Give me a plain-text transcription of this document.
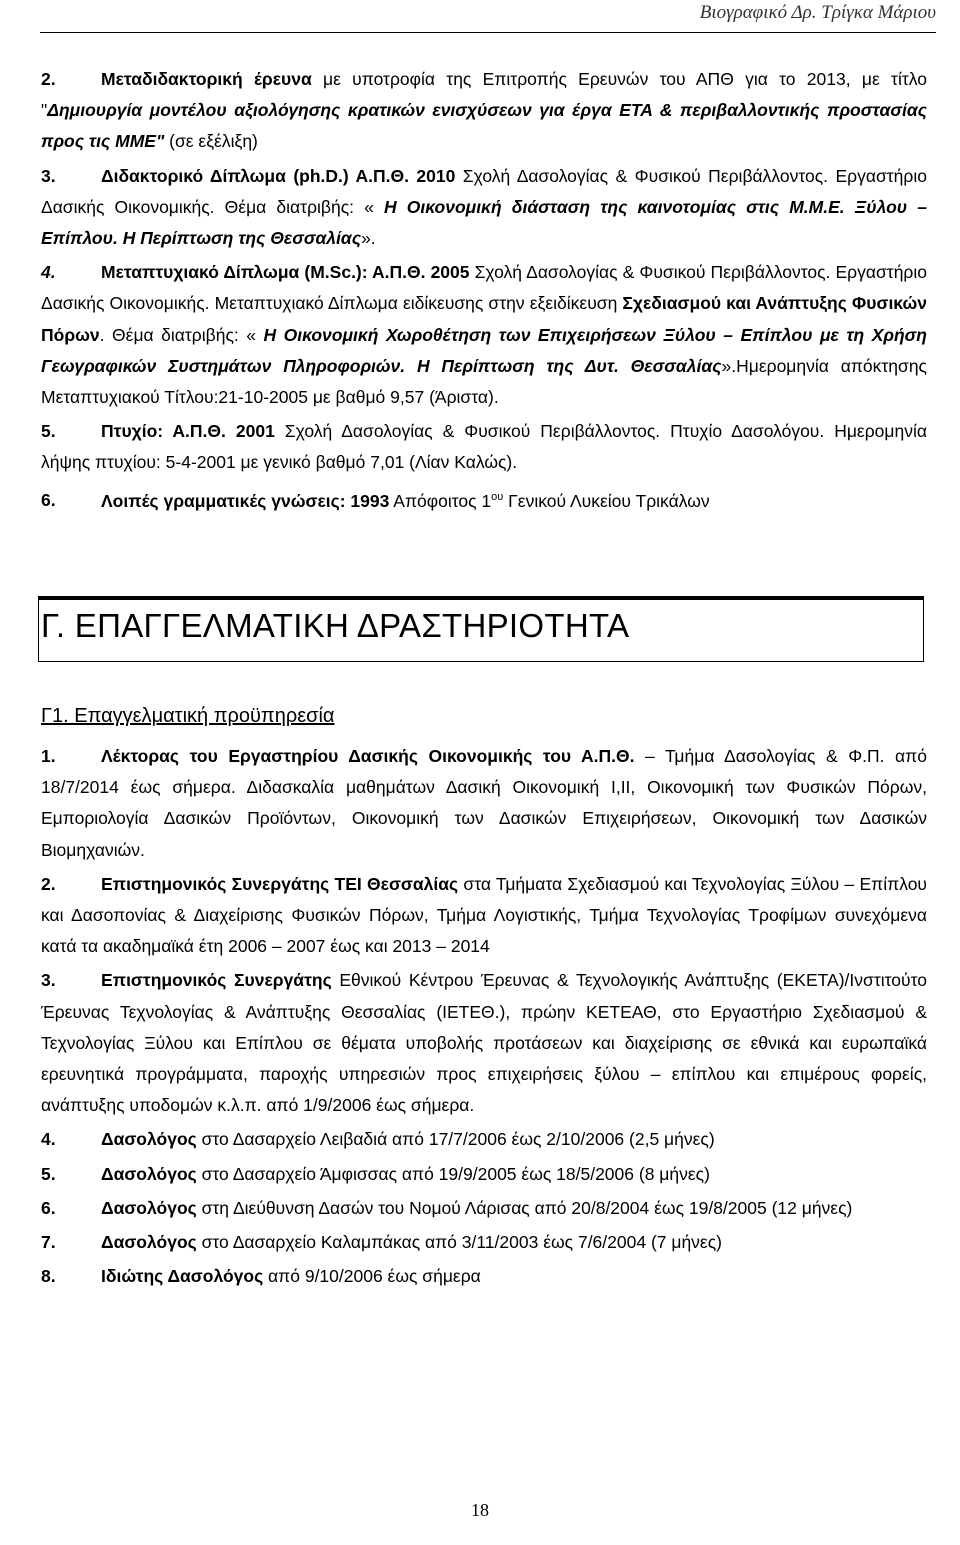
Βιογραφικό Δρ. Τρίγκα Μάριου

2.	Μεταδιδακτορική έρευνα με υποτροφία της Επιτροπής Ερευνών του ΑΠΘ για το 2013, με τίτλο "Δημιουργία μοντέλου αξιολόγησης κρατικών ενισχύσεων για έργα ΕΤΑ & περιβαλλοντικής προστασίας προς τις ΜΜΕ" (σε εξέλιξη)

3.	Διδακτορικό Δίπλωμα (ph.D.) Α.Π.Θ. 2010 Σχολή Δασολογίας & Φυσικού Περιβάλλοντος. Εργαστήριο Δασικής Οικονομικής. Θέμα διατριβής: « Η Οικονομική διάσταση της καινοτομίας στις Μ.Μ.Ε. Ξύλου – Επίπλου. Η Περίπτωση της Θεσσαλίας».

4.	Μεταπτυχιακό Δίπλωμα (M.Sc.): Α.Π.Θ. 2005 Σχολή Δασολογίας & Φυσικού Περιβάλλοντος. Εργαστήριο Δασικής Οικονομικής. Μεταπτυχιακό Δίπλωμα ειδίκευσης στην εξειδίκευση Σχεδιασμού και Ανάπτυξης Φυσικών Πόρων. Θέμα διατριβής: « Η Οικονομική Χωροθέτηση των Επιχειρήσεων Ξύλου – Επίπλου με τη Χρήση Γεωγραφικών Συστημάτων Πληροφοριών. Η Περίπτωση της Δυτ. Θεσσαλίας».Ημερομηνία απόκτησης Μεταπτυχιακού Τίτλου:21-10-2005 με βαθμό 9,57 (Άριστα).

5.	Πτυχίο: Α.Π.Θ. 2001 Σχολή Δασολογίας & Φυσικού Περιβάλλοντος. Πτυχίο Δασολόγου. Ημερομηνία λήψης πτυχίου: 5-4-2001 με γενικό βαθμό 7,01 (Λίαν Καλώς).

6.	Λοιπές γραμματικές γνώσεις: 1993 Απόφοιτος $1^{o\upsilon}$ Γενικού Λυκείου Τρικάλων

Γ. ΕΠΑΓΓΕΛΜΑΤΙΚΗ ΔΡΑΣΤΗΡΙΟΤΗΤΑ
Γ1. Επαγγελματική προϋπηρεσία

1.	Λέκτορας του Εργαστηρίου Δασικής Οικονομικής του Α.Π.Θ. – Τμήμα Δασολογίας & Φ.Π. από 18/7/2014 έως σήμερα. Διδασκαλία μαθημάτων Δασική Οικονομική Ι,ΙΙ, Οικονομική των Φυσικών Πόρων, Εμποριολογία Δασικών Προϊόντων, Οικονομική των Δασικών Επιχειρήσεων, Οικονομική των Δασικών Βιομηχανιών.

2.	Επιστημονικός Συνεργάτης ΤΕΙ Θεσσαλίας στα Τμήματα Σχεδιασμού και Τεχνολογίας Ξύλου – Επίπλου και Δασοπονίας & Διαχείρισης Φυσικών Πόρων, Τμήμα Λογιστικής, Τμήμα Τεχνολογίας Τροφίμων συνεχόμενα κατά τα ακαδημαϊκά έτη 2006 – 2007 έως και 2013 – 2014

3.	Επιστημονικός Συνεργάτης Εθνικού Κέντρου Έρευνας & Τεχνολογικής Ανάπτυξης (ΕΚΕΤΑ)/Ινστιτούτο Έρευνας Τεχνολογίας & Ανάπτυξης Θεσσαλίας (ΙΕΤΕΘ.), πρώην ΚΕΤΕΑΘ, στο Εργαστήριο Σχεδιασμού & Τεχνολογίας Ξύλου και Επίπλου σε θέματα υποβολής προτάσεων και διαχείρισης σε εθνικά και ευρωπαϊκά ερευνητικά προγράμματα, παροχής υπηρεσιών προς επιχειρήσεις ξύλου – επίπλου και επιμέρους φορείς, ανάπτυξης υποδομών κ.λ.π. από 1/9/2006 έως σήμερα.

4.	Δασολόγος στο Δασαρχείο Λειβαδιά από 17/7/2006 έως 2/10/2006 (2,5 μήνες)

5.	Δασολόγος στο Δασαρχείο Άμφισσας από 19/9/2005 έως 18/5/2006 (8 μήνες)

6.	Δασολόγος στη Διεύθυνση Δασών του Νομού Λάρισας από 20/8/2004 έως 19/8/2005 (12 μήνες)

7.	Δασολόγος στο Δασαρχείο Καλαμπάκας από 3/11/2003 έως 7/6/2004 (7 μήνες)

8.	Ιδιώτης Δασολόγος από 9/10/2006 έως σήμερα

18
